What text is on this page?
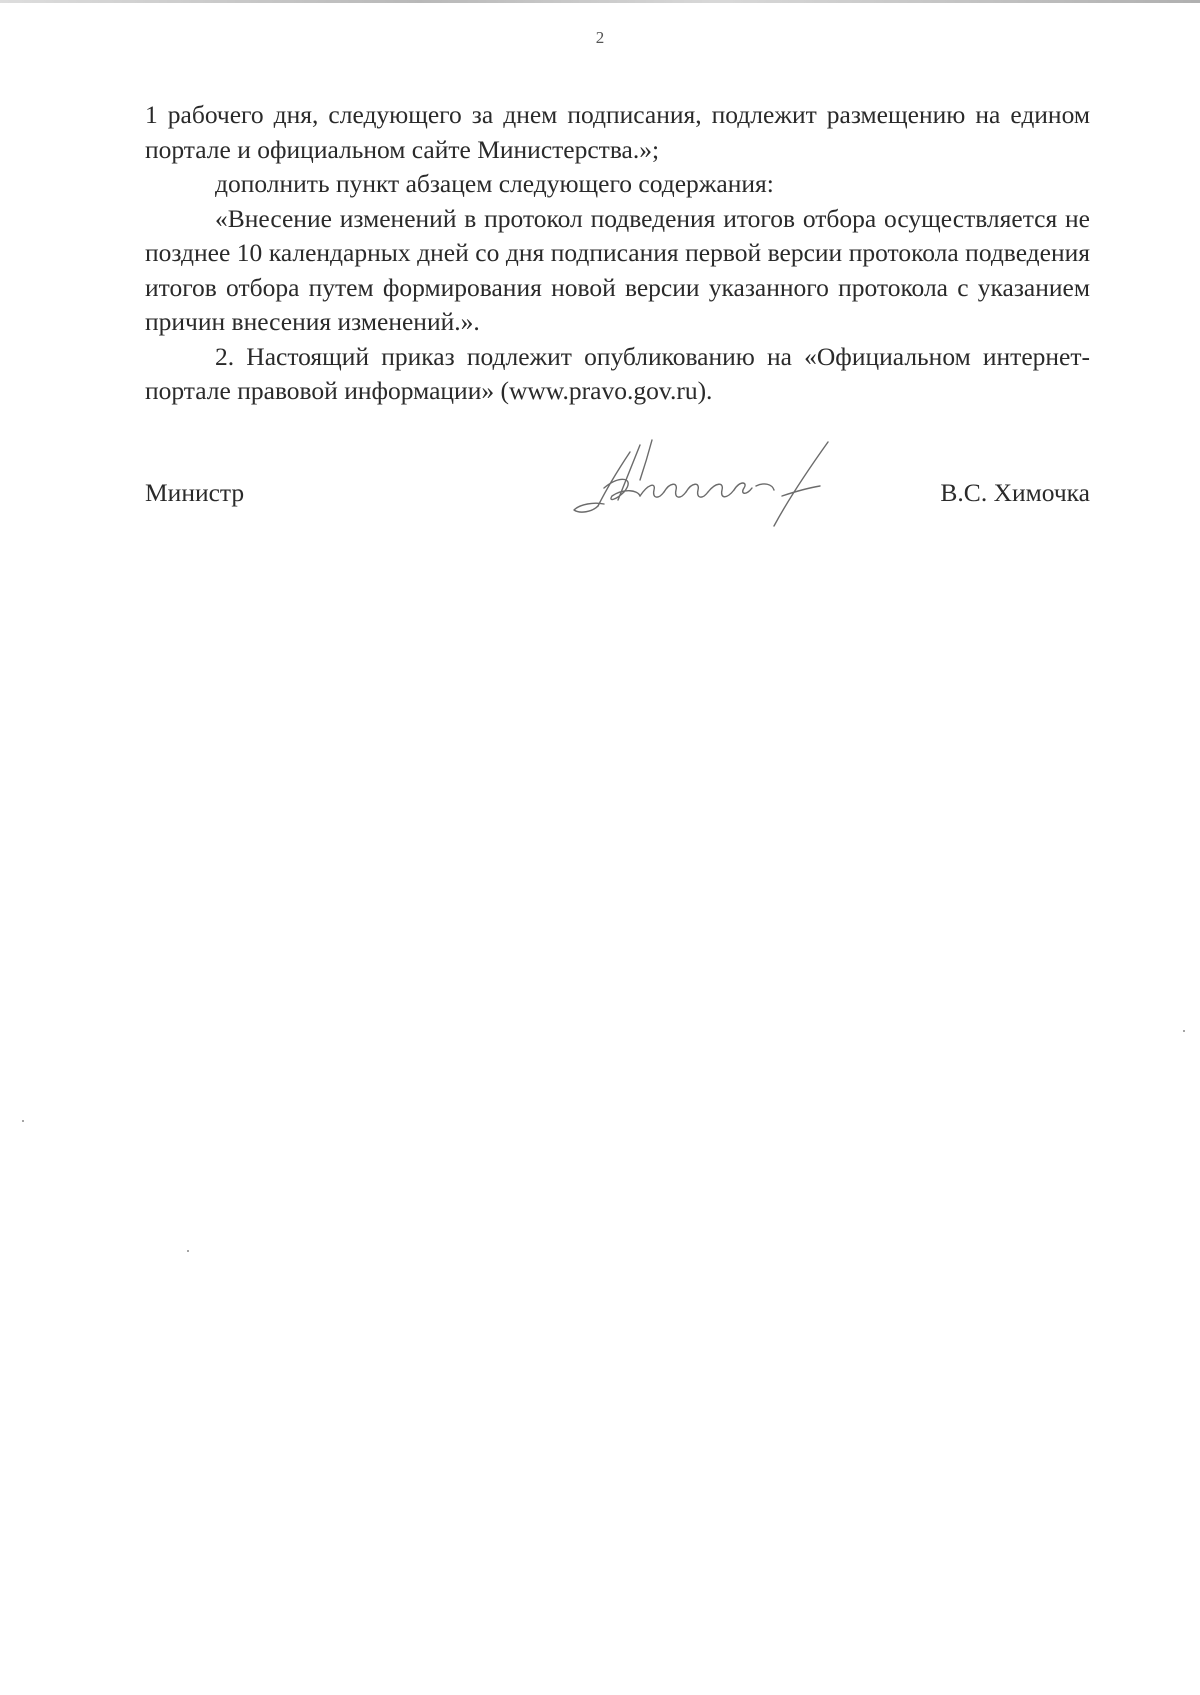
2

1 рабочего дня, следующего за днем подписания, подлежит размещению на едином портале и официальном сайте Министерства.»;

дополнить пункт абзацем следующего содержания:

«Внесение изменений в протокол подведения итогов отбора осуществляется не позднее 10 календарных дней со дня подписания первой версии протокола подведения итогов отбора путем формирования новой версии указанного протокола с указанием причин внесения изменений.».

2. Настоящий приказ подлежит опубликованию на «Официальном интернет-портале правовой информации» (www.pravo.gov.ru).

Министр	В.С. Химочка
